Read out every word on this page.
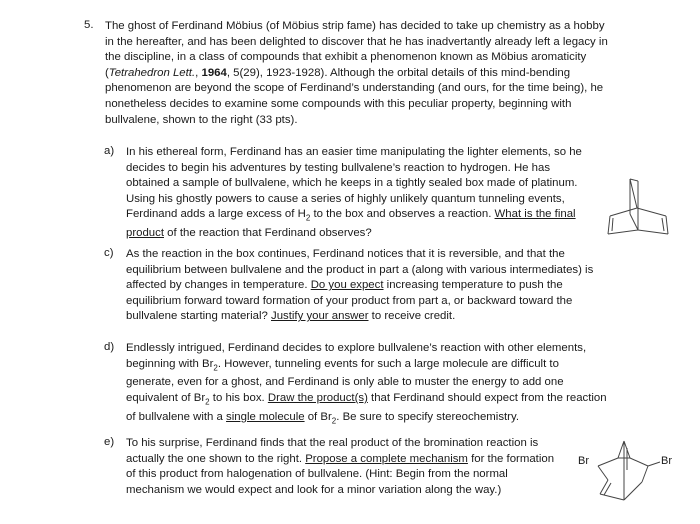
5. The ghost of Ferdinand Möbius (of Möbius strip fame) has decided to take up chemistry as a hobby
in the hereafter, and has been delighted to discover that he has inadvertantly already left a legacy in
the discipline, in a class of compounds that exhibit a phenomenon known as Möbius aromaticity
(Tetrahedron Lett., 1964, 5(29), 1923-1928). Although the orbital details of this mind-bending
phenomenon are beyond the scope of Ferdinand’s understanding (and ours, for the time being), he
nonetheless decides to examine some compounds with this peculiar property, beginning with
bullvalene, shown to the right (33 pts).
a) In his ethereal form, Ferdinand has an easier time manipulating the lighter elements, so he
decides to begin his adventures by testing bullvalene’s reaction to hydrogen. He has
obtained a sample of bullvalene, which he keeps in a tightly sealed box made of platinum.
Using his ghostly powers to cause a series of highly unlikely quantum tunneling events,
Ferdinand adds a large excess of $H_2$ to the box and observes a reaction. What is the final
product of the reaction that Ferdinand observes?
c) As the reaction in the box continues, Ferdinand notices that it is reversible, and that the
equilibrium between bullvalene and the product in part a (along with various intermediates) is
affected by changes in temperature. Do you expect increasing temperature to push the
equilibrium forward toward formation of your product from part a, or backward toward the
bullvalene starting material? Justify your answer to receive credit.
d) Endlessly intrigued, Ferdinand decides to explore bullvalene’s reaction with other elements,
beginning with $Br_2$. However, tunneling events for such a large molecule are difficult to
generate, even for a ghost, and Ferdinand is only able to muster the energy to add one
equivalent of $Br_2$ to his box. Draw the product(s) that Ferdinand should expect from the reaction
of bullvalene with a single molecule of $Br_2$. Be sure to specify stereochemistry.
e) To his surprise, Ferdinand finds that the real product of the bromination reaction is
actually the one shown to the right. Propose a complete mechanism for the formation
of this product from halogenation of bullvalene. (Hint: Begin from the normal
mechanism we would expect and look for a minor variation along the way.)
Br	Br
